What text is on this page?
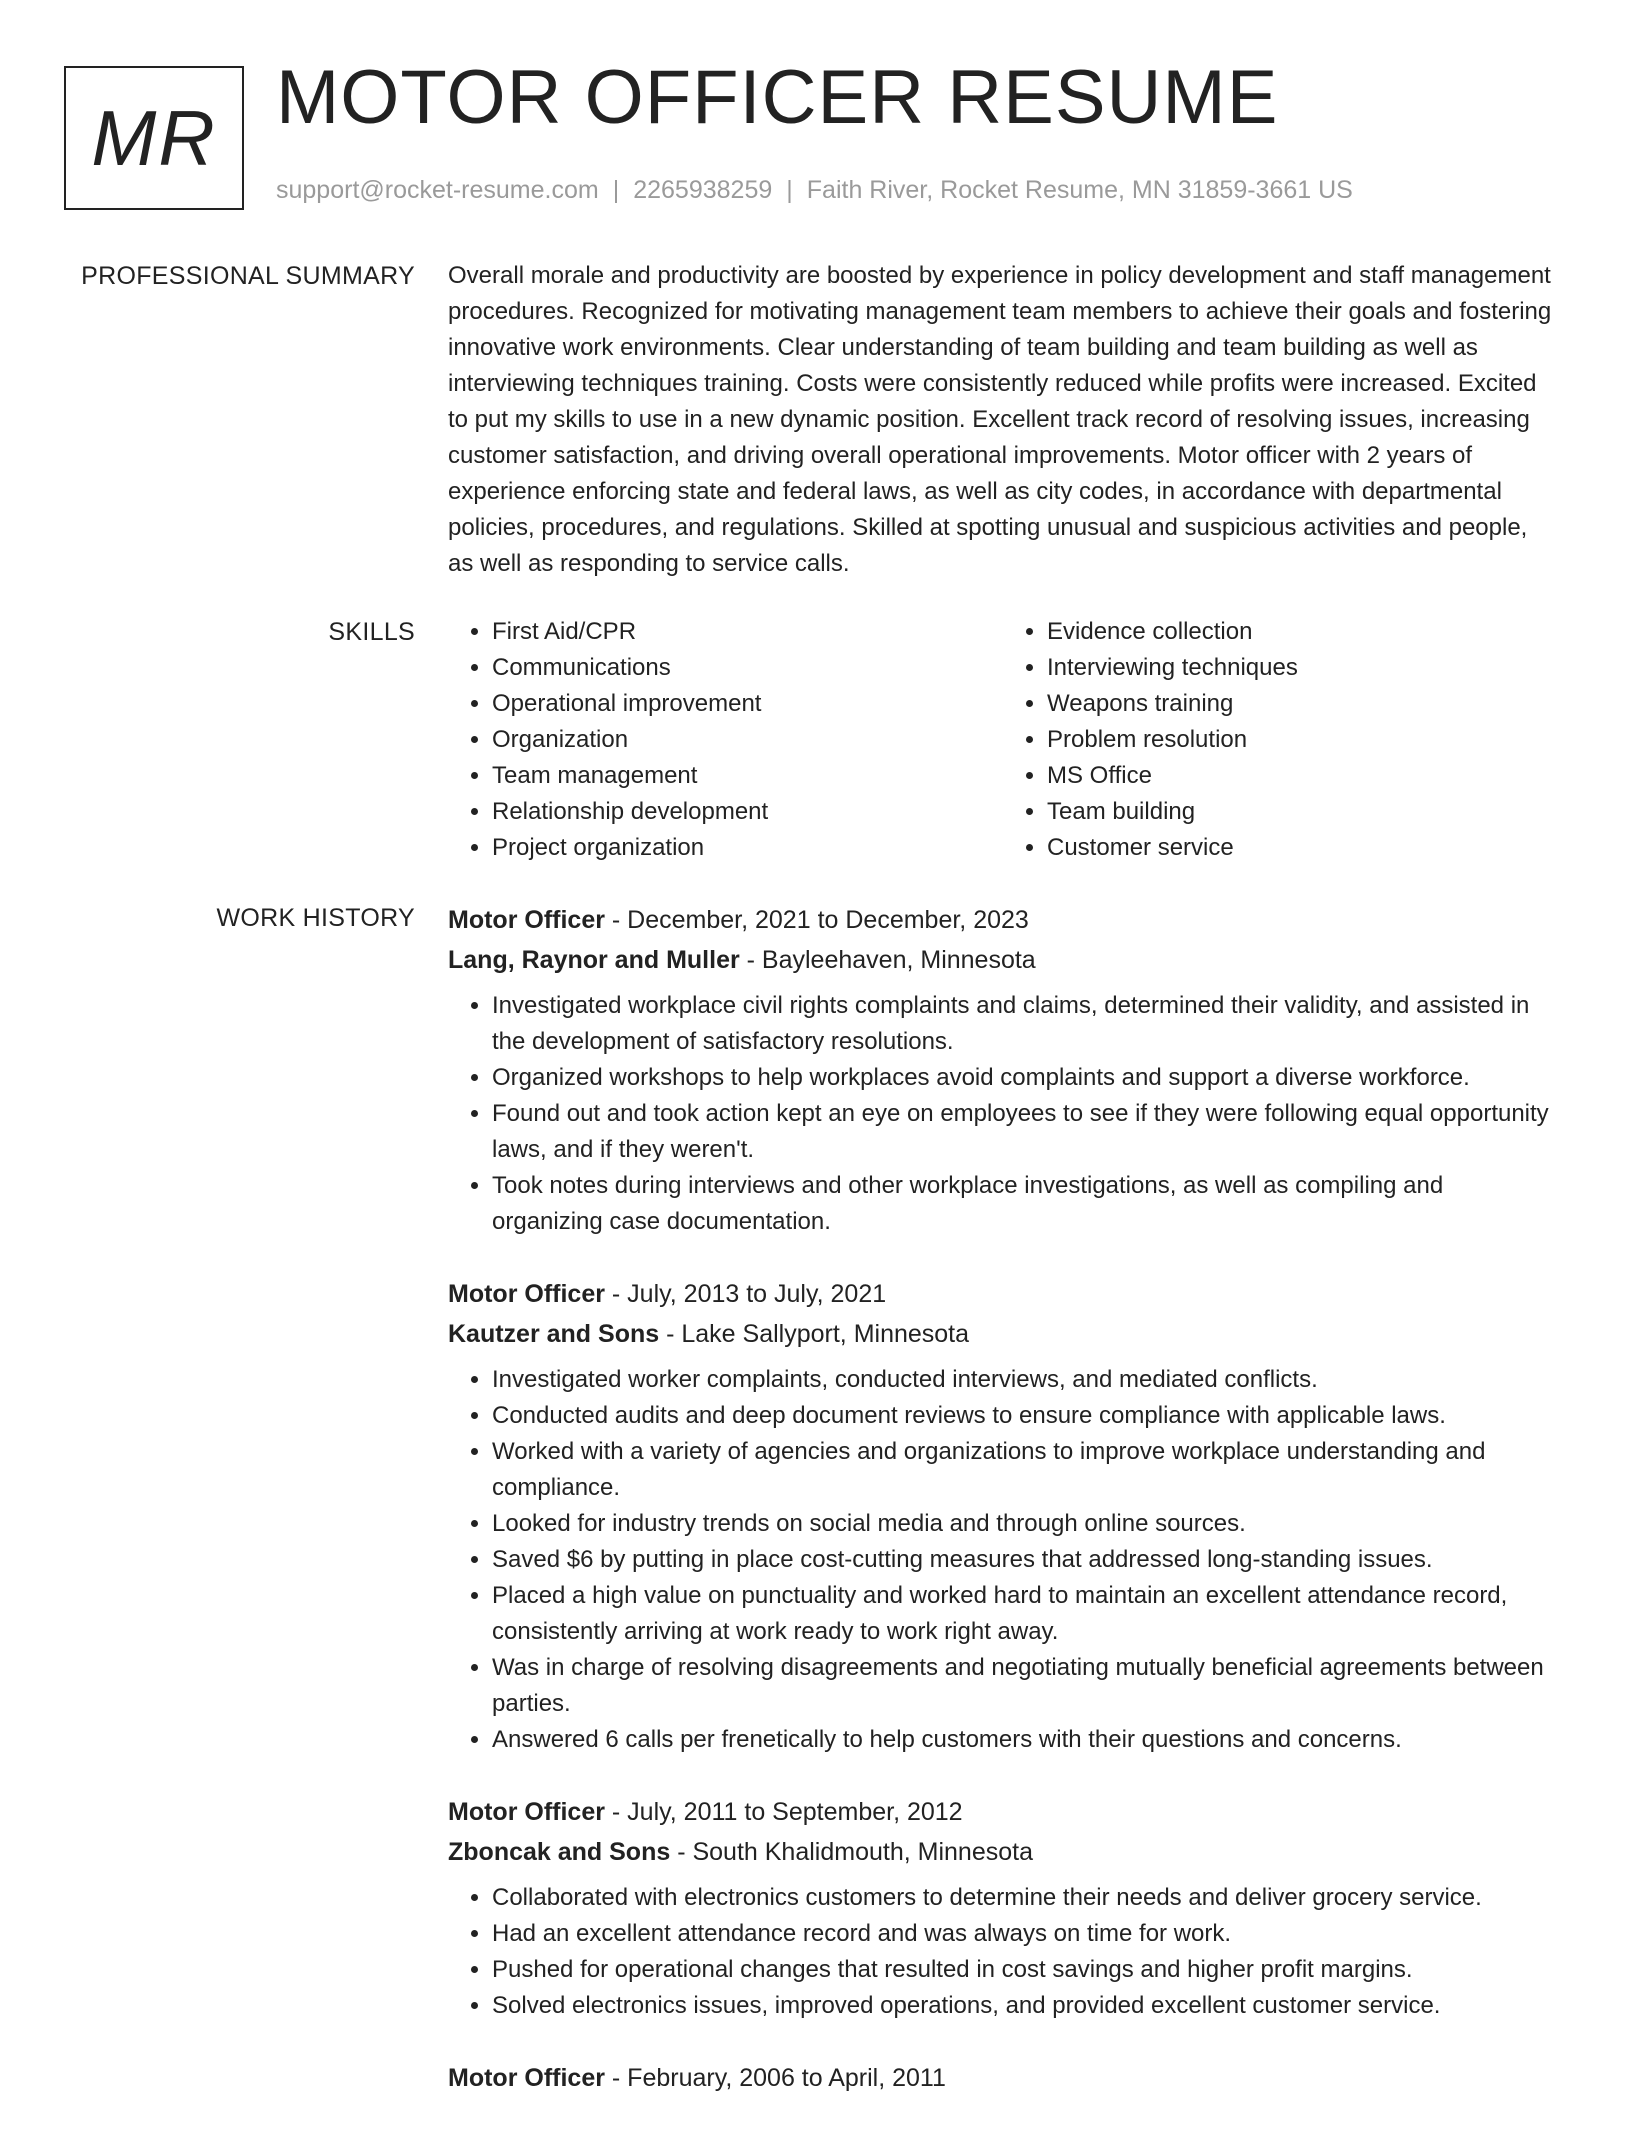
MR MOTOR OFFICER RESUME
support@rocket-resume.com | 2265938259 | Faith River, Rocket Resume, MN 31859-3661 US
PROFESSIONAL SUMMARY Overall morale and productivity are boosted by experience in policy development and staff management procedures. Recognized for motivating management team members to achieve their goals and fostering innovative work environments. Clear understanding of team building and team building as well as interviewing techniques training. Costs were consistently reduced while profits were increased. Excited to put my skills to use in a new dynamic position. Excellent track record of resolving issues, increasing customer satisfaction, and driving overall operational improvements. Motor officer with 2 years of experience enforcing state and federal laws, as well as city codes, in accordance with departmental policies, procedures, and regulations. Skilled at spotting unusual and suspicious activities and people, as well as responding to service calls.
SKILLS
•	First Aid/CPR
• Communications
• Operational improvement
• Organization
• Team management
• Relationship development
• Project organization
• Evidence collection
• Interviewing techniques
• Weapons training
• Problem resolution
• MS Office
• Team building
• Customer service
WORK HISTORY Motor Officer - December, 2021 to December, 2023
Lang, Raynor and Muller - Bayleehaven, Minnesota
• Investigated workplace civil rights complaints and claims, determined their validity, and assisted in the development of satisfactory resolutions.
• Organized workshops to help workplaces avoid complaints and support a diverse workforce.
• Found out and took action kept an eye on employees to see if they were following equal opportunity laws, and if they weren't.
• Took notes during interviews and other workplace investigations, as well as compiling and organizing case documentation.
Motor Officer - July, 2013 to July, 2021
Kautzer and Sons - Lake Sallyport, Minnesota
• Investigated worker complaints, conducted interviews, and mediated conflicts.
• Conducted audits and deep document reviews to ensure compliance with applicable laws.
• Worked with a variety of agencies and organizations to improve workplace understanding and compliance.
• Looked for industry trends on social media and through online sources.
• Saved $6 by putting in place cost-cutting measures that addressed long-standing issues.
• Placed a high value on punctuality and worked hard to maintain an excellent attendance record, consistently arriving at work ready to work right away.
• Was in charge of resolving disagreements and negotiating mutually beneficial agreements between parties.
• Answered 6 calls per frenetically to help customers with their questions and concerns.
Motor Officer - July, 2011 to September, 2012
Zboncak and Sons - South Khalidmouth, Minnesota
• Collaborated with electronics customers to determine their needs and deliver grocery service.
• Had an excellent attendance record and was always on time for work.
• Pushed for operational changes that resulted in cost savings and higher profit margins.
• Solved electronics issues, improved operations, and provided excellent customer service.
Motor Officer - February, 2006 to April, 2011
